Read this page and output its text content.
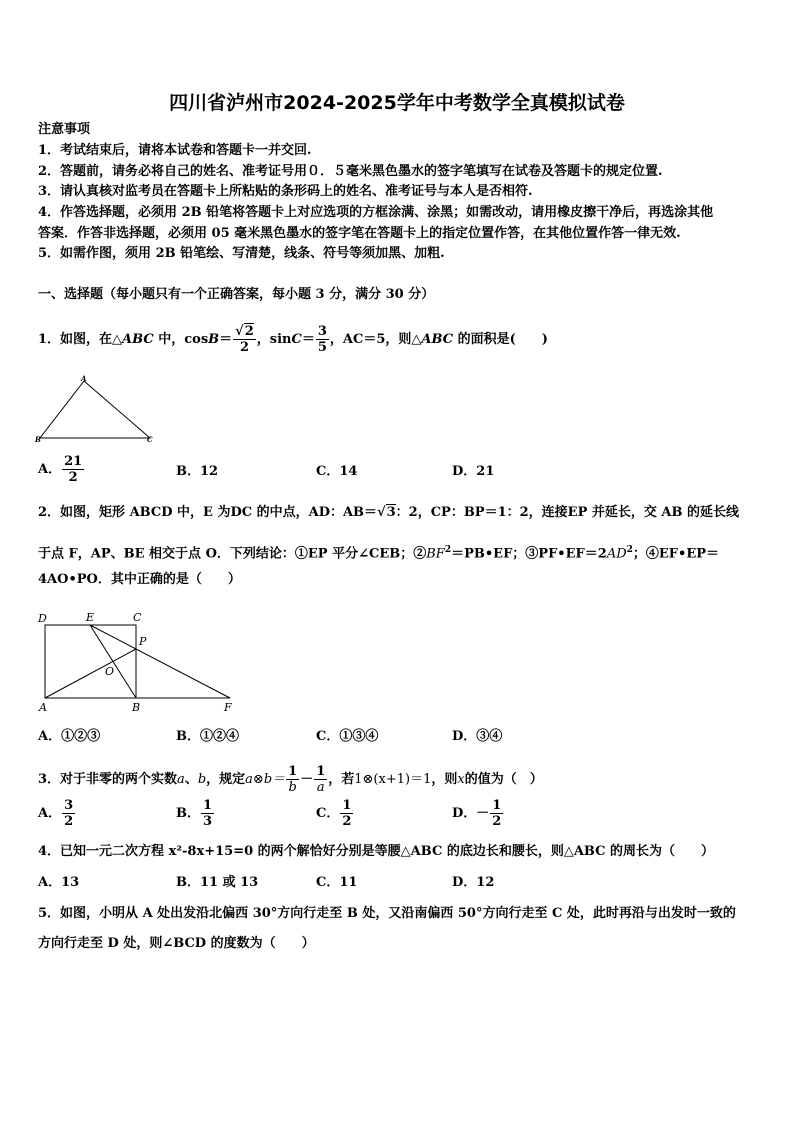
四川省泸州市2024-2025学年中考数学全真模拟试卷
注意事项
1．考试结束后，请将本试卷和答题卡一并交回.
2．答题前，请务必将自己的姓名、准考证号用０．５毫米黑色墨水的签字笔填写在试卷及答题卡的规定位置.
3．请认真核对监考员在答题卡上所粘贴的条形码上的姓名、准考证号与本人是否相符.
4．作答选择题，必须用 2B 铅笔将答题卡上对应选项的方框涂满、涂黑；如需改动，请用橡皮擦干净后，再选涂其他
答案．作答非选择题，必须用 05 毫米黑色墨水的签字笔在答题卡上的指定位置作答，在其他位置作答一律无效.
5．如需作图，须用 2B 铅笔绘、写清楚，线条、符号等须加黑、加粗.
一、选择题（每小题只有一个正确答案，每小题 3 分，满分 30 分）
1．如图，在△ABC 中，$\cos B= \frac{√2}{2}$ ，$\sin C= \frac{3}{5}$ ，AC＝5，则△ABC 的面积是(　　)
A
B	C
A． $\frac{21}{2}$	B．12	C．14	D．21
2．如图，矩形 ABCD 中，E 为DC 的中点，AD：AB＝√3：2，CP：BP＝1：2，连接EP 并延长，交 AB 的延长线
于点 F，AP、BE 相交于点 O．下列结论：①EP 平分∠CEB；$②BF^2=PB•EF$；$③PF•EF=2AD^2$；④EF•EP＝
4AO•PO．其中正确的是（　　）
D	E	C
P
O
A	B	F
A．①②③	B．①②④	C．①③④	D．③④
3．对于非零的两个实数a、b，规定a⊗b＝ $\frac{1}{b} - \frac{1}{a}$ ，若1⊗(x+1)＝1，则x的值为（　）
A． $\frac{3}{2}$	B． $\frac{1}{3}$	C． $\frac{1}{2}$	D．－ $\frac{1}{2}$
4．已知一元二次方程 x²-8x+15=0 的两个解恰好分别是等腰△ABC 的底边长和腰长，则△ABC 的周长为（　　）
A．13	B．11 或 13	C．11	D．12
5．如图，小明从 A 处出发沿北偏西 30°方向行走至 B 处，又沿南偏西 50°方向行走至 C 处，此时再沿与出发时一致的
方向行走至 D 处，则∠BCD 的度数为（　　）
